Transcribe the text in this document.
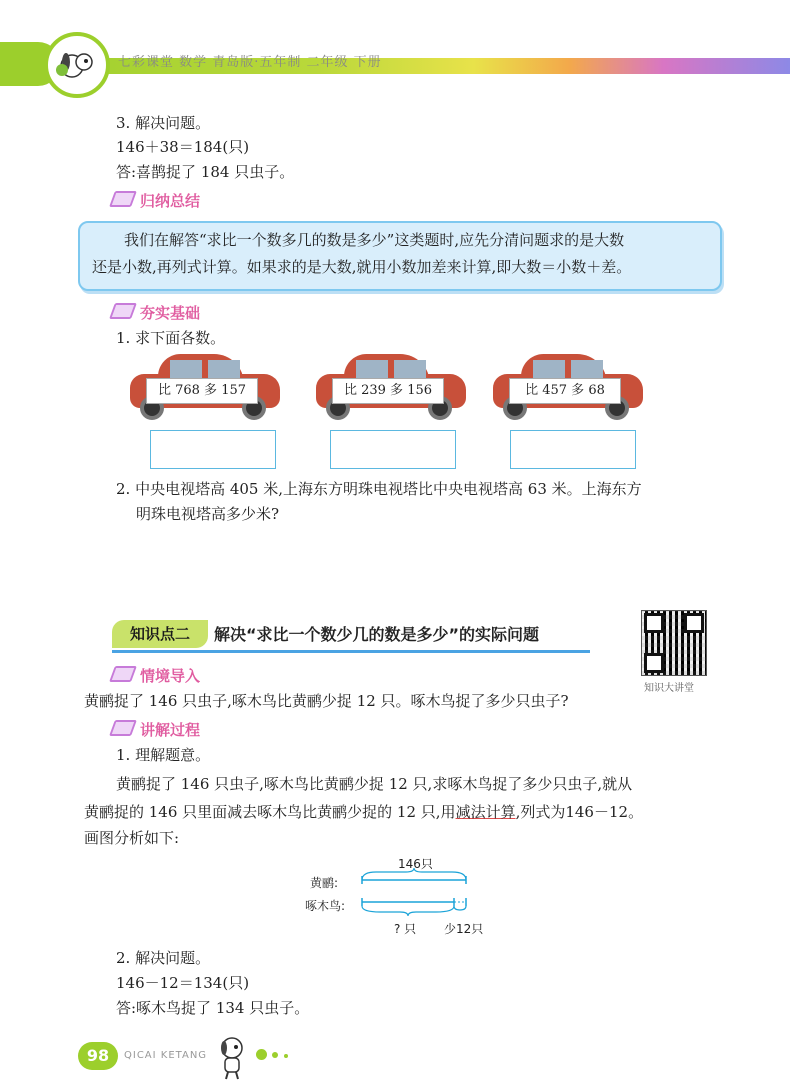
七彩课堂 数学 青岛版·五年制 二年级 下册
3. 解决问题。
146＋38＝184(只)
答:喜鹊捉了 184 只虫子。
归纳总结
我们在解答“求比一个数多几的数是多少”这类题时,应先分清问题求的是大数
还是小数,再列式计算。如果求的是大数,就用小数加差来计算,即大数＝小数＋差。
夯实基础
1. 求下面各数。
比 768 多 157	比 239 多 156	比 457 多 68
2. 中央电视塔高 405 米,上海东方明珠电视塔比中央电视塔高 63 米。上海东方
明珠电视塔高多少米?
知识点二	解决“求比一个数少几的数是多少”的实际问题
知识大讲堂
情境导入
黄鹂捉了 146 只虫子,啄木鸟比黄鹂少捉 12 只。啄木鸟捉了多少只虫子?
讲解过程
1. 理解题意。
黄鹂捉了 146 只虫子,啄木鸟比黄鹂少捉 12 只,求啄木鸟捉了多少只虫子,就从
黄鹂捉的 146 只里面减去啄木鸟比黄鹂少捉的 12 只,用减法计算,列式为146－12。
画图分析如下:
146只
黄鹂:
啄木鸟:
? 只 少12只
2. 解决问题。
146－12＝134(只)
答:啄木鸟捉了 134 只虫子。
98	QICAI KETANG
